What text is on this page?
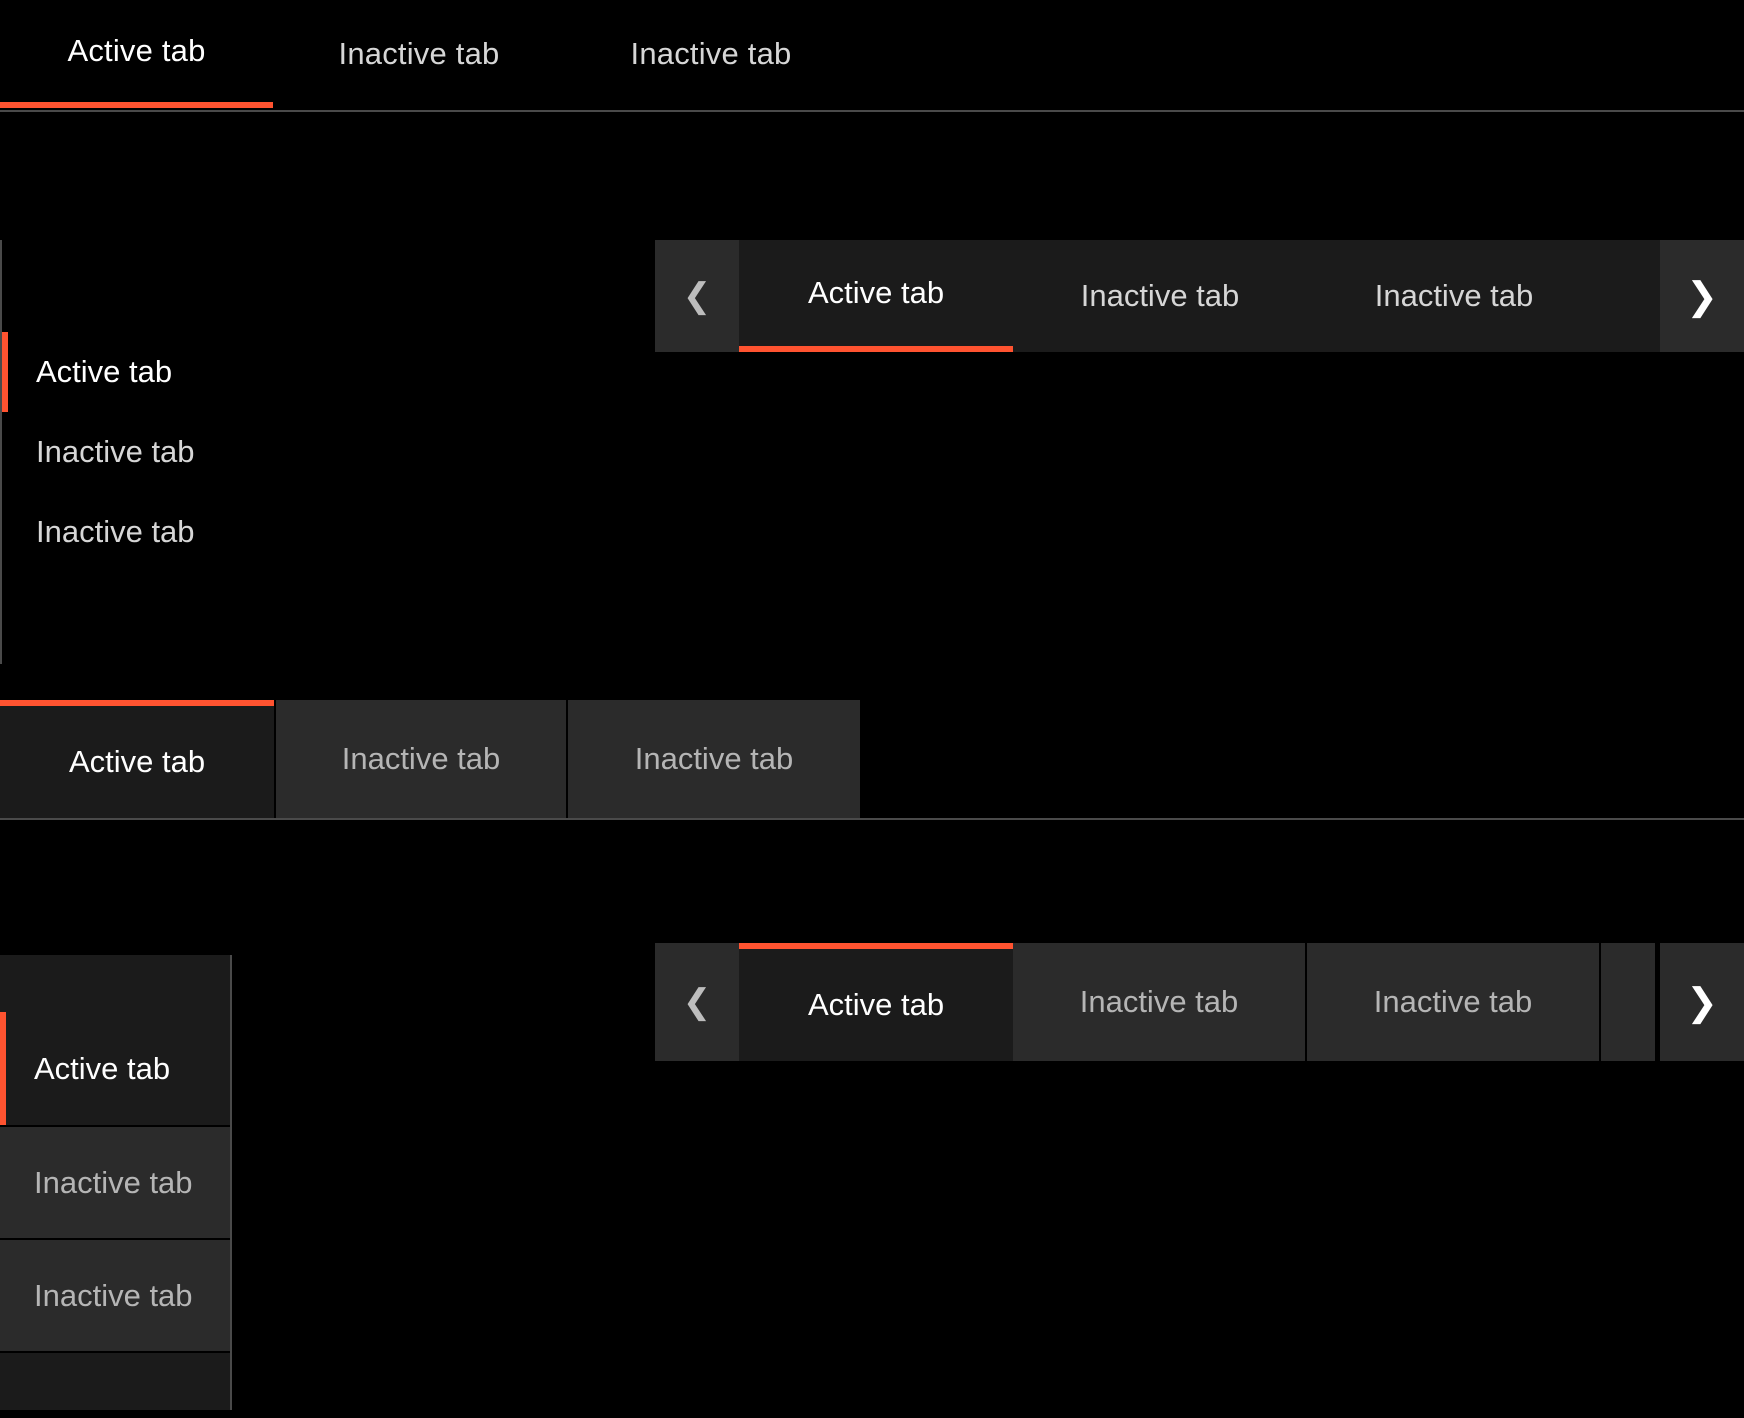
Active tab	Inactive tab	Inactive tab
Active tab
Inactive tab
Inactive tab
❮	Active tab	Inactive tab	Inactive tab	❯
Active tab	Inactive tab	Inactive tab
Active tab
Inactive tab
Inactive tab
❮	Active tab	Inactive tab	Inactive tab	❯
